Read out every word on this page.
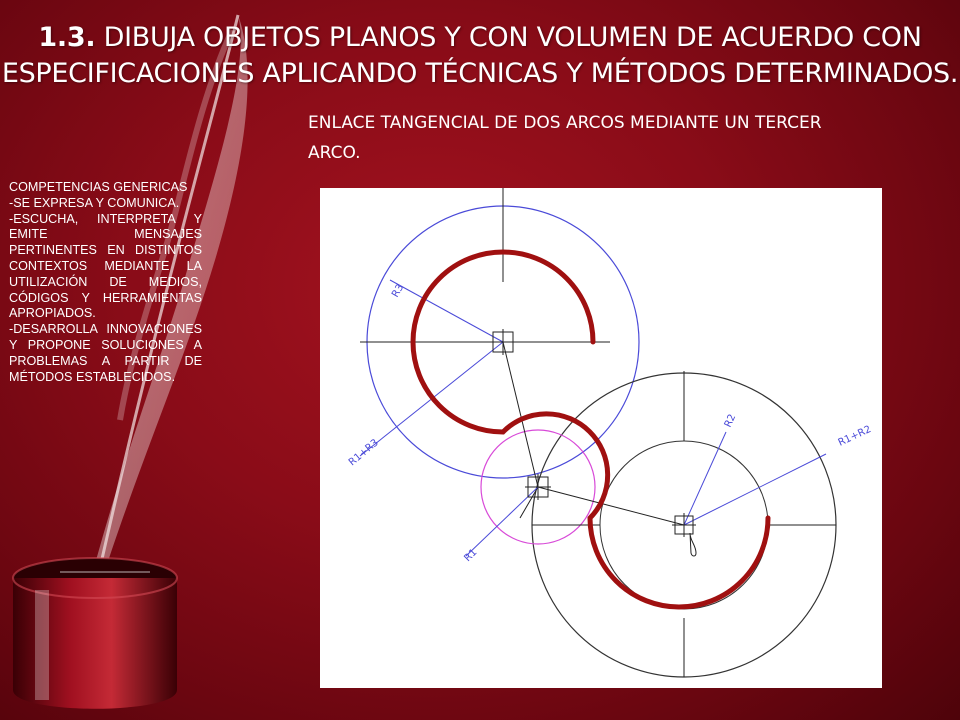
1.3. DIBUJA OBJETOS PLANOS Y CON VOLUMEN DE ACUERDO CON
ESPECIFICACIONES APLICANDO TÉCNICAS Y MÉTODOS DETERMINADOS.
ENLACE TANGENCIAL DE DOS ARCOS MEDIANTE UN TERCER
ARCO.
COMPETENCIAS GENERICAS
-SE EXPRESA Y COMUNICA.
-ESCUCHA, INTERPRETA Y EMITE MENSAJES PERTINENTES EN DISTINTOS CONTEXTOS MEDIANTE LA UTILIZACIÓN DE MEDIOS, CÓDIGOS Y HERRAMIENTAS APROPIADOS.
-DESARROLLA INNOVACIONES Y PROPONE SOLUCIONES A PROBLEMAS A PARTIR DE MÉTODOS ESTABLECIDOS.
R3
R1+R3
R2
R1+R2
R1
